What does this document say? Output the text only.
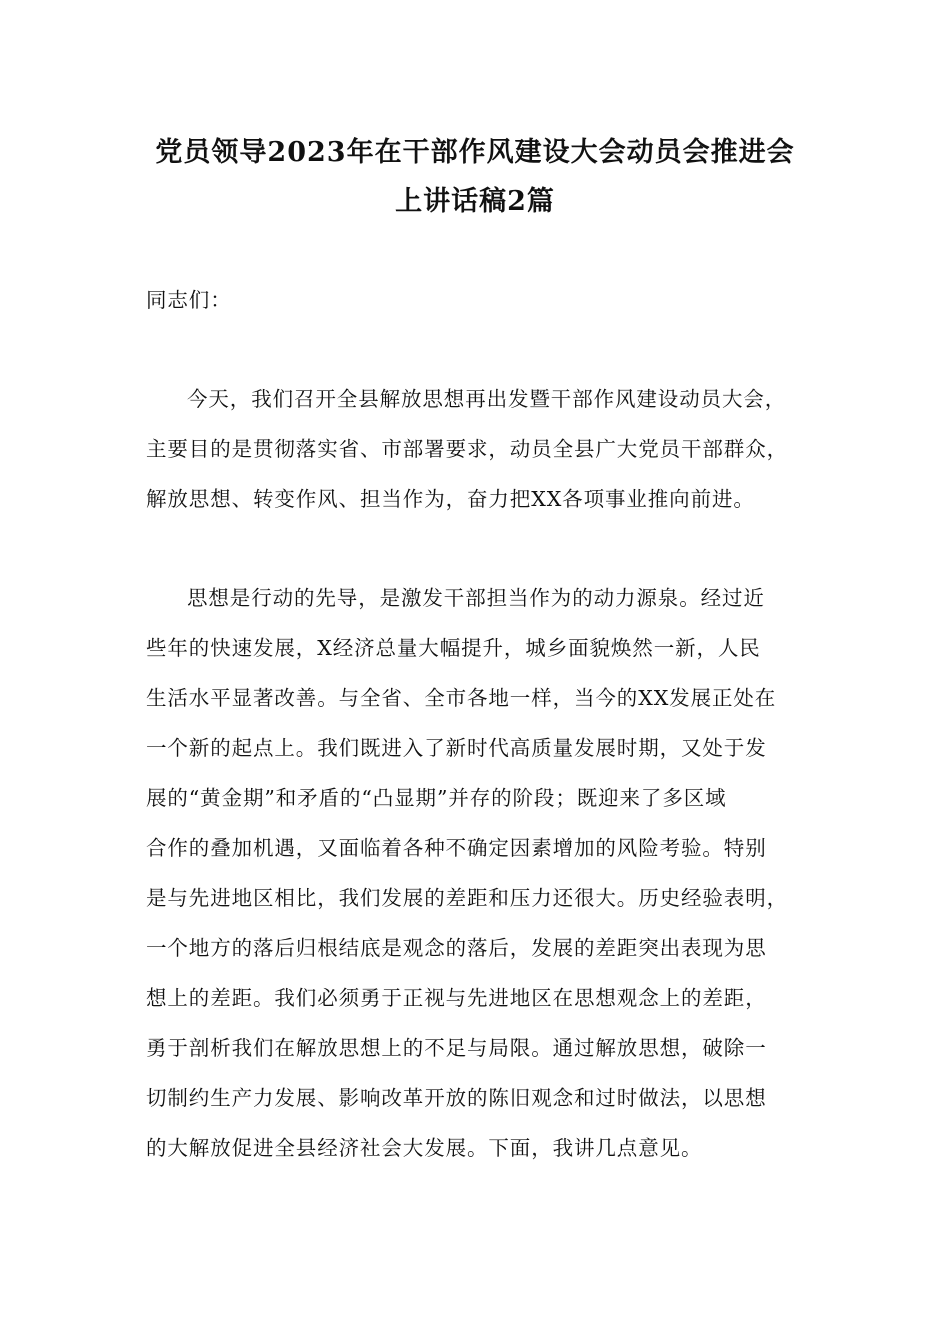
党员领导2023年在干部作风建设大会动员会推进会
上讲话稿2篇
同志们：
今天，我们召开全县解放思想再出发暨干部作风建设动员大会，
主要目的是贯彻落实省、市部署要求，动员全县广大党员干部群众，
解放思想、转变作风、担当作为，奋力把XX各项事业推向前进。
思想是行动的先导，是激发干部担当作为的动力源泉。经过近
些年的快速发展，X经济总量大幅提升，城乡面貌焕然一新，人民
生活水平显著改善。与全省、全市各地一样，当今的XX发展正处在
一个新的起点上。我们既进入了新时代高质量发展时期，又处于发
展的“黄金期”和矛盾的“凸显期”并存的阶段；既迎来了多区域
合作的叠加机遇，又面临着各种不确定因素增加的风险考验。特别
是与先进地区相比，我们发展的差距和压力还很大。历史经验表明，
一个地方的落后归根结底是观念的落后，发展的差距突出表现为思
想上的差距。我们必须勇于正视与先进地区在思想观念上的差距，
勇于剖析我们在解放思想上的不足与局限。通过解放思想，破除一
切制约生产力发展、影响改革开放的陈旧观念和过时做法，以思想
的大解放促进全县经济社会大发展。下面，我讲几点意见。
